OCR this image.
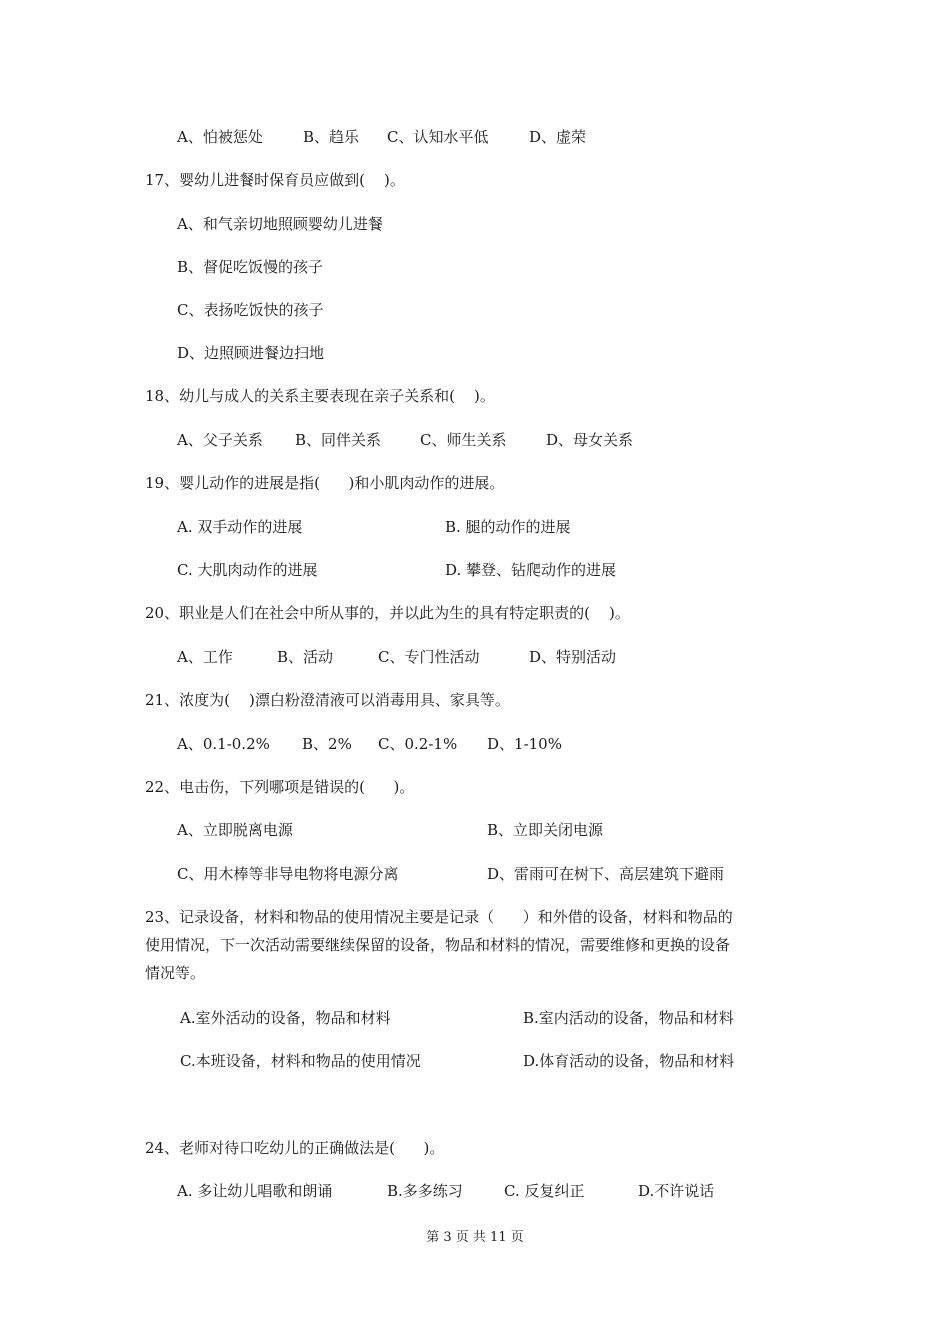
A、怕被惩处	B、趋乐 C、认知水平低	D、虚荣
17、婴幼儿进餐时保育员应做到(    )。
A、和气亲切地照顾婴幼儿进餐
B、督促吃饭慢的孩子
C、表扬吃饭快的孩子
D、边照顾进餐边扫地
18、幼儿与成人的关系主要表现在亲子关系和(    )。
A、父子关系 B、同伴关系	C、师生关系	D、母女关系
19、婴儿动作的进展是指(      )和小肌肉动作的进展。
A. 双手动作的进展	B. 腿的动作的进展
C. 大肌肉动作的进展	D. 攀登、钻爬动作的进展
20、职业是人们在社会中所从事的，并以此为生的具有特定职责的(    )。
A、工作	B、活动	C、专门性活动	D、特别活动
21、浓度为(    )漂白粉澄清液可以消毒用具、家具等。
A、0.1-0.2% B、2% C、0.2-1% D、1-10%
22、电击伤，下列哪项是错误的(      )。
A、立即脱离电源	B、立即关闭电源
C、用木棒等非导电物将电源分离	D、雷雨可在树下、高层建筑下避雨
23、记录设备，材料和物品的使用情况主要是记录（      ）和外借的设备，材料和物品的
使用情况，下一次活动需要继续保留的设备，物品和材料的情况，需要维修和更换的设备
情况等。
A.室外活动的设备，物品和材料	B.室内活动的设备，物品和材料
C.本班设备，材料和物品的使用情况	D.体育活动的设备，物品和材料
24、老师对待口吃幼儿的正确做法是(      )。
A. 多让幼儿唱歌和朗诵	B.多多练习	C. 反复纠正	D.不许说话
第 3 页 共 11 页
